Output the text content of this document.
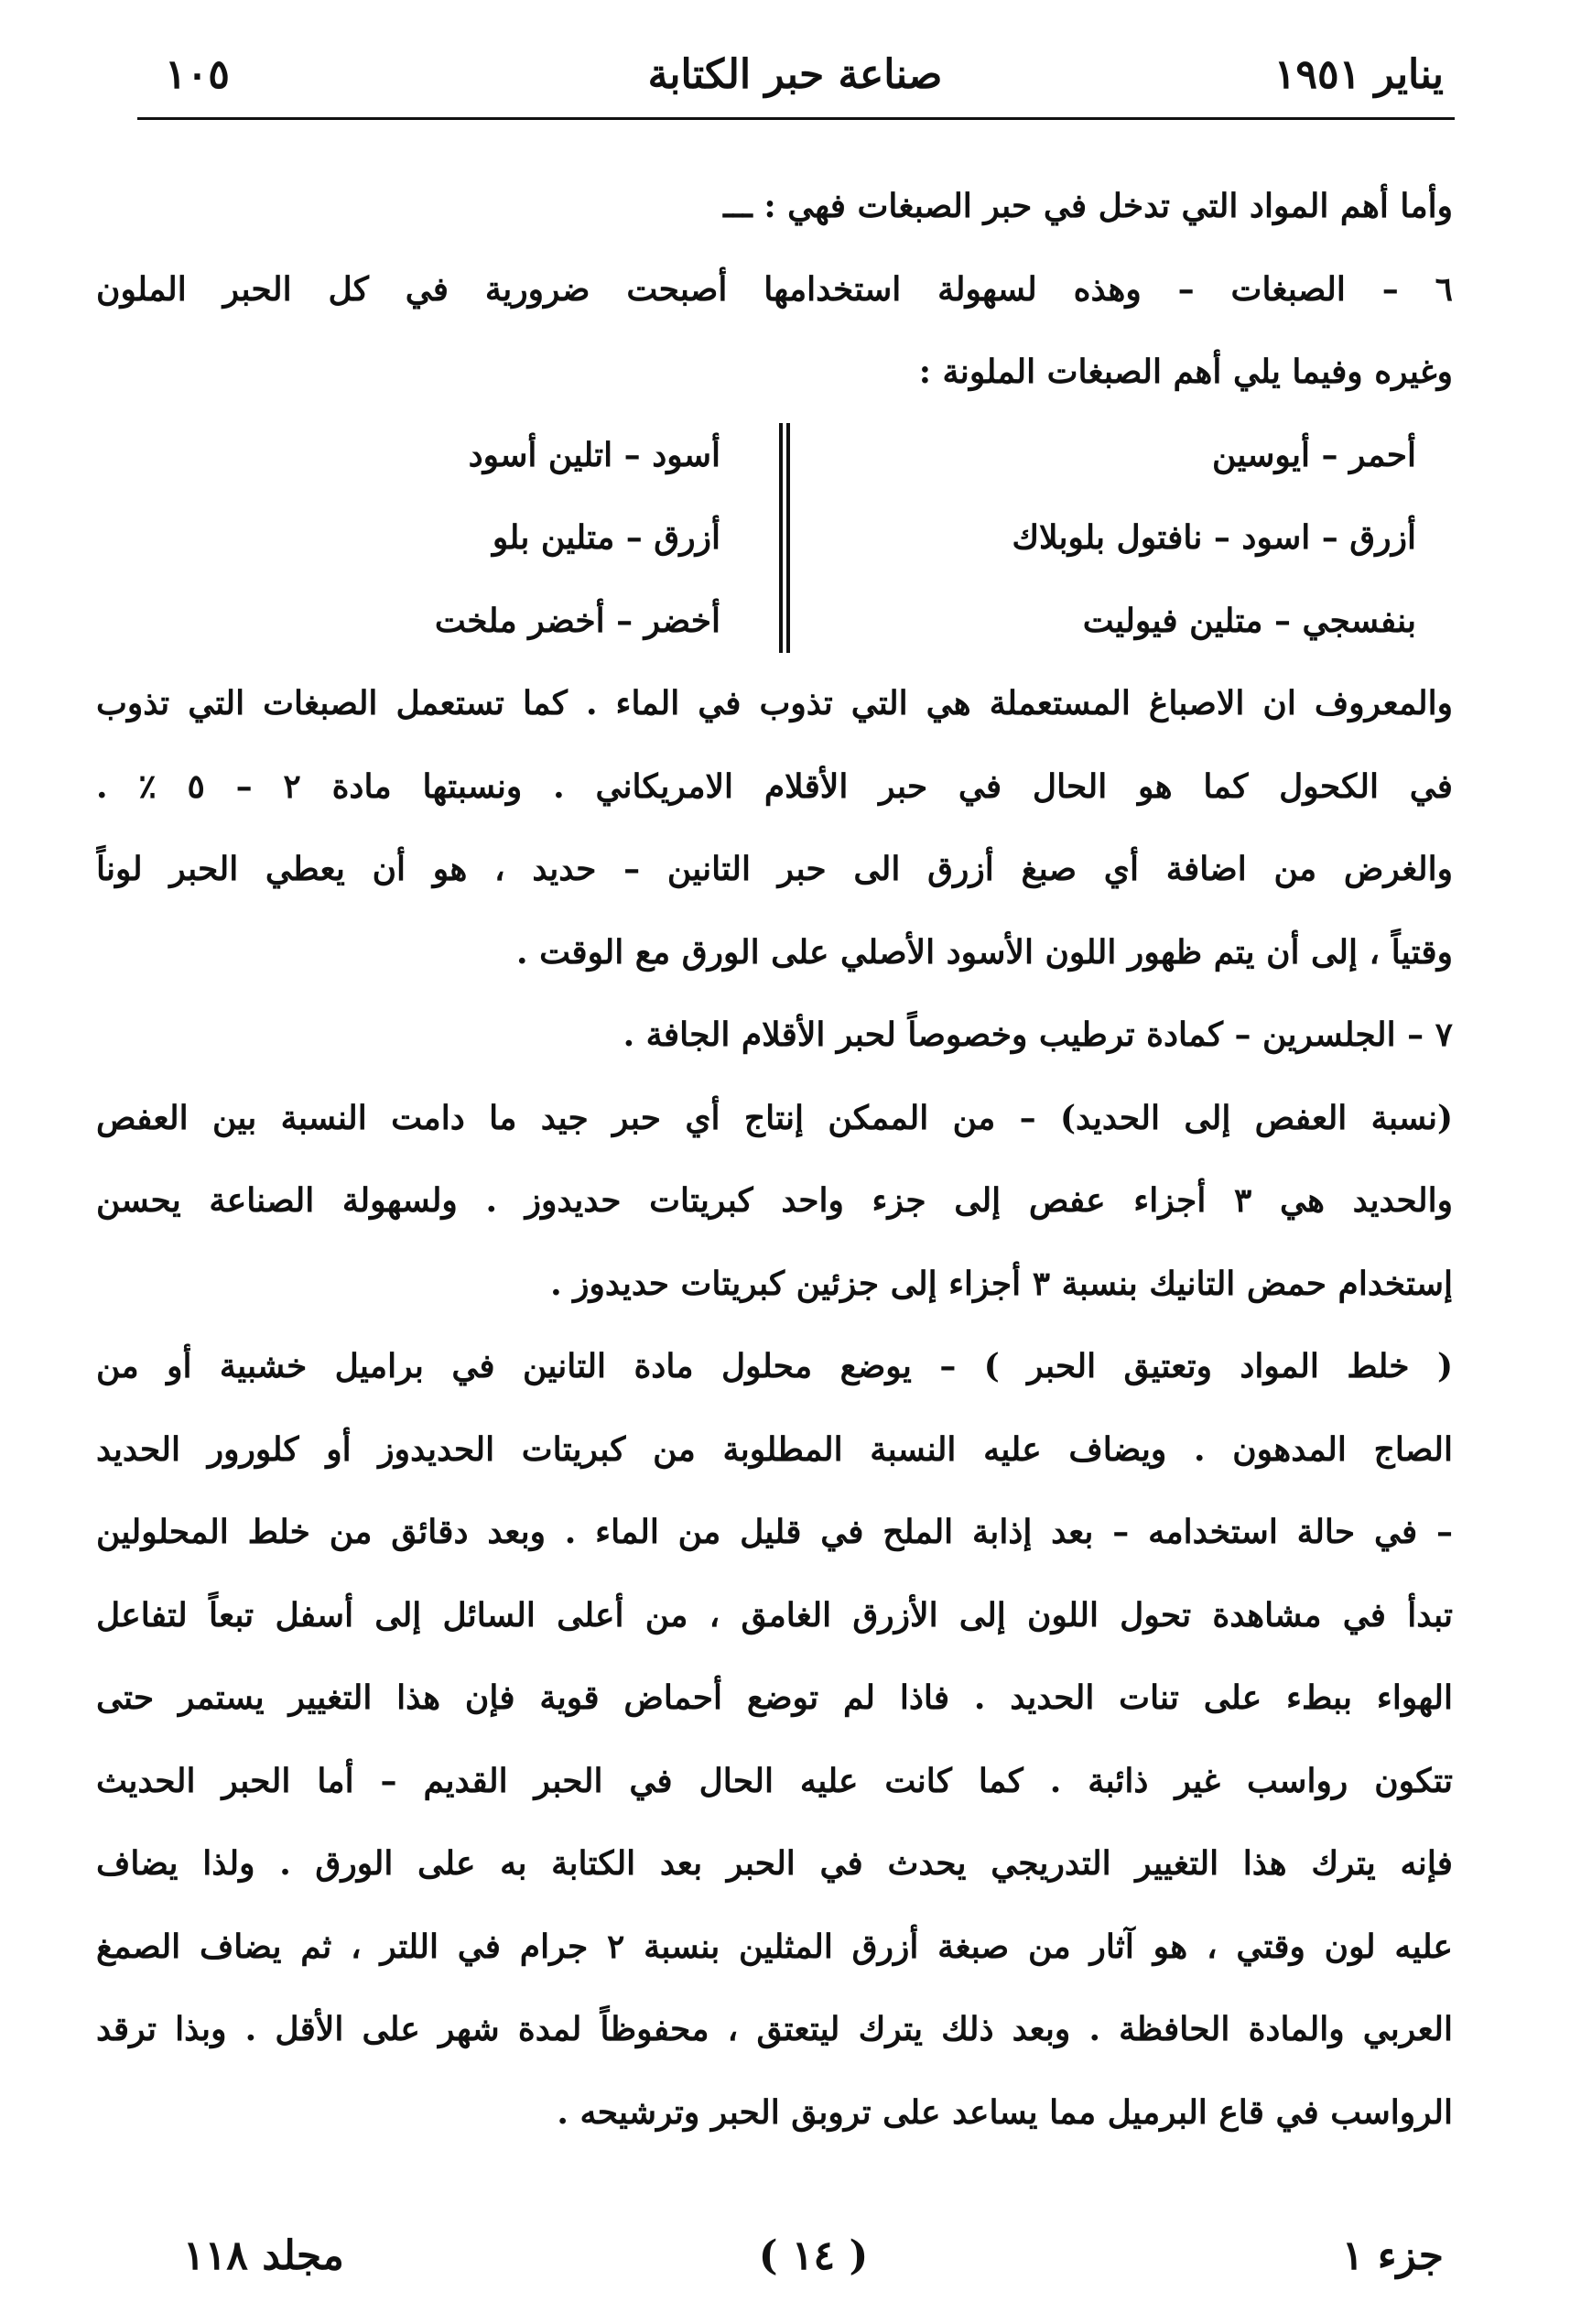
يناير ١٩٥١
صناعة حبر الكتابة
١٠٥
وأما أهم المواد التي تدخل في حبر الصبغات فهي : ـــ
٦ – الصبغات – وهذه لسهولة استخدامها أصبحت ضرورية في كل الحبر الملون
وغيره وفيما يلي أهم الصبغات الملونة :
أحمر – أيوسين
أزرق – اسود – نافتول بلوبلاك
بنفسجي – متلين فيوليت
أسود – اتلين أسود
أزرق – متلين بلو
أخضر – أخضر ملخت
والمعروف ان الاصباغ المستعملة هي التي تذوب في الماء . كما تستعمل الصبغات التي تذوب
في الكحول كما هو الحال في حبر الأقلام الامريكاني . ونسبتها مادة ٢ – ٥ ٪ .
والغرض من اضافة أي صبغ أزرق الى حبر التانين – حديد ، هو أن يعطي الحبر لوناً
وقتياً ، إلى أن يتم ظهور اللون الأسود الأصلي على الورق مع الوقت .
٧ – الجلسرين – كمادة ترطيب وخصوصاً لحبر الأقلام الجافة .
(نسبة العفص إلى الحديد) – من الممكن إنتاج أي حبر جيد ما دامت النسبة بين العفص
والحديد هي ٣ أجزاء عفص إلى جزء واحد كبريتات حديدوز . ولسهولة الصناعة يحسن
إستخدام حمض التانيك بنسبة ٣ أجزاء إلى جزئين كبريتات حديدوز .
( خلط المواد وتعتيق الحبر ) – يوضع محلول مادة التانين في براميل خشبية أو من
الصاج المدهون . ويضاف عليه النسبة المطلوبة من كبريتات الحديدوز أو كلورور الحديد
– في حالة استخدامه – بعد إذابة الملح في قليل من الماء . وبعد دقائق من خلط المحلولين
تبدأ في مشاهدة تحول اللون إلى الأزرق الغامق ، من أعلى السائل إلى أسفل تبعاً لتفاعل
الهواء ببطء على تنات الحديد . فاذا لم توضع أحماض قوية فإن هذا التغيير يستمر حتى
تتكون رواسب غير ذائبة . كما كانت عليه الحال في الحبر القديم – أما الحبر الحديث
فإنه يترك هذا التغيير التدريجي يحدث في الحبر بعد الكتابة به على الورق . ولذا يضاف
عليه لون وقتي ، هو آثار من صبغة أزرق المثلين بنسبة ٢ جرام في اللتر ، ثم يضاف الصمغ
العربي والمادة الحافظة . وبعد ذلك يترك ليتعتق ، محفوظاً لمدة شهر على الأقل . وبذا ترقد
الرواسب في قاع البرميل مما يساعد على تروبق الحبر وترشيحه .
جزء ١
( ١٤ )
مجلد ١١٨
